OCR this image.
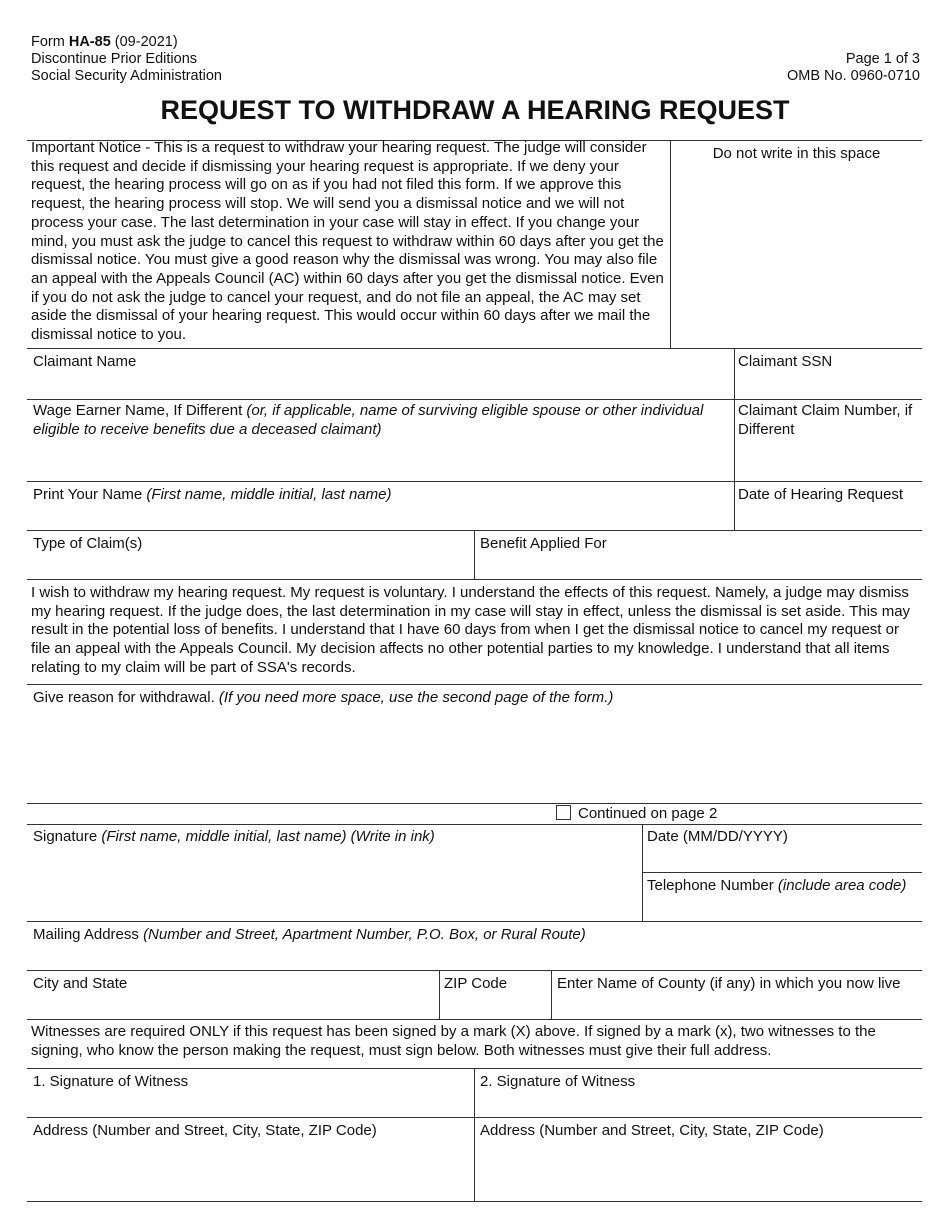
Form HA-85 (09-2021)
Discontinue Prior Editions
Social Security Administration
Page 1 of 3
OMB No. 0960-0710
REQUEST TO WITHDRAW A HEARING REQUEST
Important Notice - This is a request to withdraw your hearing request. The judge will consider this request and decide if dismissing your hearing request is appropriate. If we deny your request, the hearing process will go on as if you had not filed this form. If we approve this request, the hearing process will stop. We will send you a dismissal notice and we will not process your case. The last determination in your case will stay in effect. If you change your mind, you must ask the judge to cancel this request to withdraw within 60 days after you get the dismissal notice. You must give a good reason why the dismissal was wrong. You may also file an appeal with the Appeals Council (AC) within 60 days after you get the dismissal notice. Even if you do not ask the judge to cancel your request, and do not file an appeal, the AC may set aside the dismissal of your hearing request. This would occur within 60 days after we mail the dismissal notice to you.
Do not write in this space
Claimant Name	Claimant SSN
Wage Earner Name, If Different (or, if applicable, name of surviving eligible spouse or other individual eligible to receive benefits due a deceased claimant)
Claimant Claim Number, if Different
Print Your Name (First name, middle initial, last name)	Date of Hearing Request
Type of Claim(s)	Benefit Applied For
I wish to withdraw my hearing request. My request is voluntary. I understand the effects of this request. Namely, a judge may dismiss my hearing request. If the judge does, the last determination in my case will stay in effect, unless the dismissal is set aside. This may result in the potential loss of benefits. I understand that I have 60 days from when I get the dismissal notice to cancel my request or file an appeal with the Appeals Council. My decision affects no other potential parties to my knowledge. I understand that all items relating to my claim will be part of SSA's records.
Give reason for withdrawal. (If you need more space, use the second page of the form.)
Continued on page 2
Signature (First name, middle initial, last name) (Write in ink)	Date (MM/DD/YYYY)
Telephone Number (include area code)
Mailing Address (Number and Street, Apartment Number, P.O. Box, or Rural Route)
City and State	ZIP Code	Enter Name of County (if any) in which you now live
Witnesses are required ONLY if this request has been signed by a mark (X) above. If signed by a mark (x), two witnesses to the signing, who know the person making the request, must sign below. Both witnesses must give their full address.
1. Signature of Witness	2. Signature of Witness
Address (Number and Street, City, State, ZIP Code)	Address (Number and Street, City, State, ZIP Code)
